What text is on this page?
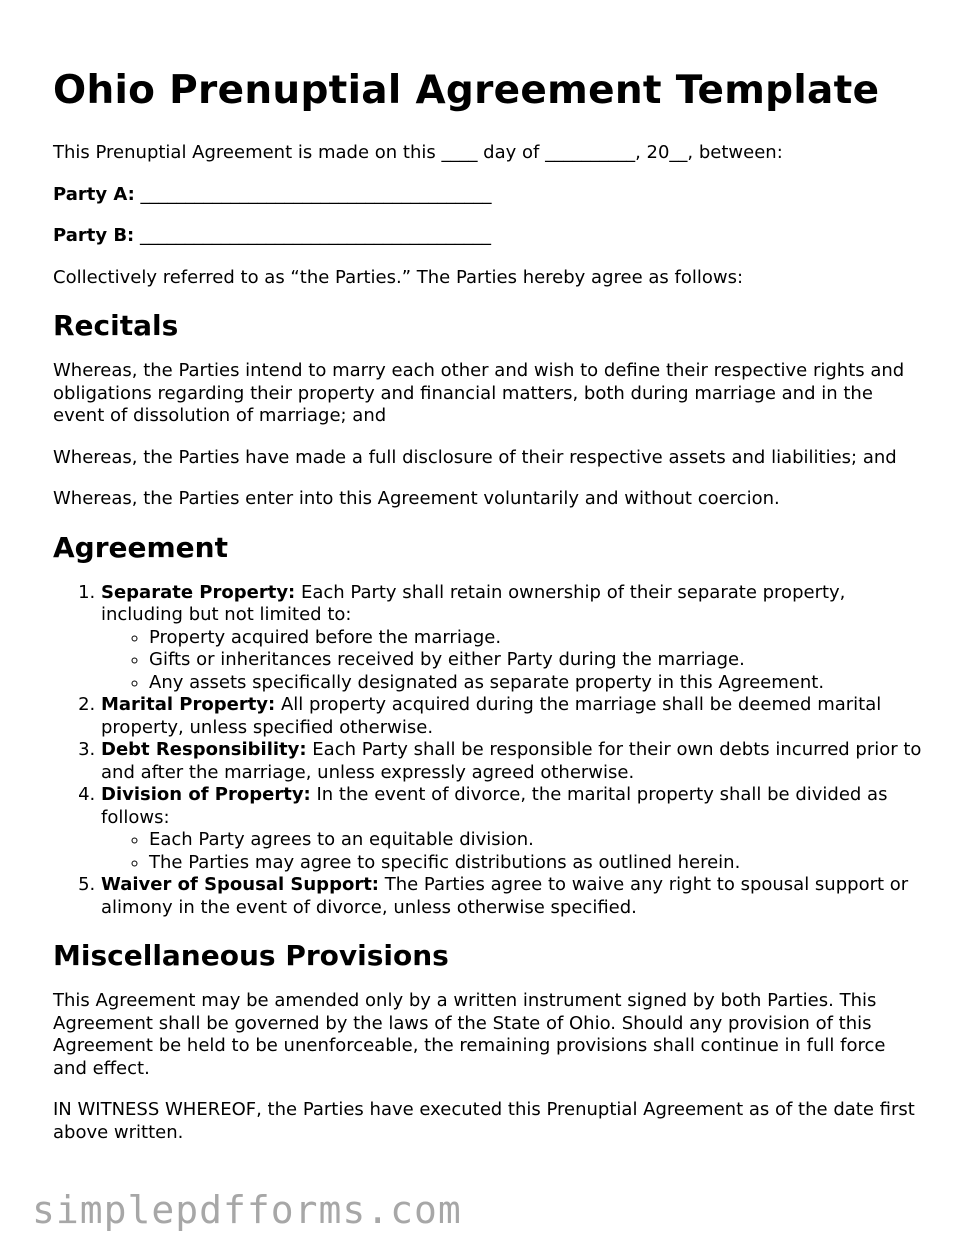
Ohio Prenuptial Agreement Template

This Prenuptial Agreement is made on this ____ day of __________, 20__, between:

Party A: _______________________________________

Party B: _______________________________________

Collectively referred to as “the Parties.” The Parties hereby agree as follows:

Recitals

Whereas, the Parties intend to marry each other and wish to define their respective rights and obligations regarding their property and financial matters, both during marriage and in the event of dissolution of marriage; and

Whereas, the Parties have made a full disclosure of their respective assets and liabilities; and

Whereas, the Parties enter into this Agreement voluntarily and without coercion.

Agreement
1. Separate Property: Each Party shall retain ownership of their separate property, including but not limited to:
◦ Property acquired before the marriage.
◦ Gifts or inheritances received by either Party during the marriage.
◦ Any assets specifically designated as separate property in this Agreement.
2. Marital Property: All property acquired during the marriage shall be deemed marital property, unless specified otherwise.
3. Debt Responsibility: Each Party shall be responsible for their own debts incurred prior to and after the marriage, unless expressly agreed otherwise.
4. Division of Property: In the event of divorce, the marital property shall be divided as follows:
◦ Each Party agrees to an equitable division.
◦ The Parties may agree to specific distributions as outlined herein.
5. Waiver of Spousal Support: The Parties agree to waive any right to spousal support or alimony in the event of divorce, unless otherwise specified.
Miscellaneous Provisions

This Agreement may be amended only by a written instrument signed by both Parties. This Agreement shall be governed by the laws of the State of Ohio. Should any provision of this Agreement be held to be unenforceable, the remaining provisions shall continue in full force and effect.

IN WITNESS WHEREOF, the Parties have executed this Prenuptial Agreement as of the date first above written.

simplepdfforms.com
